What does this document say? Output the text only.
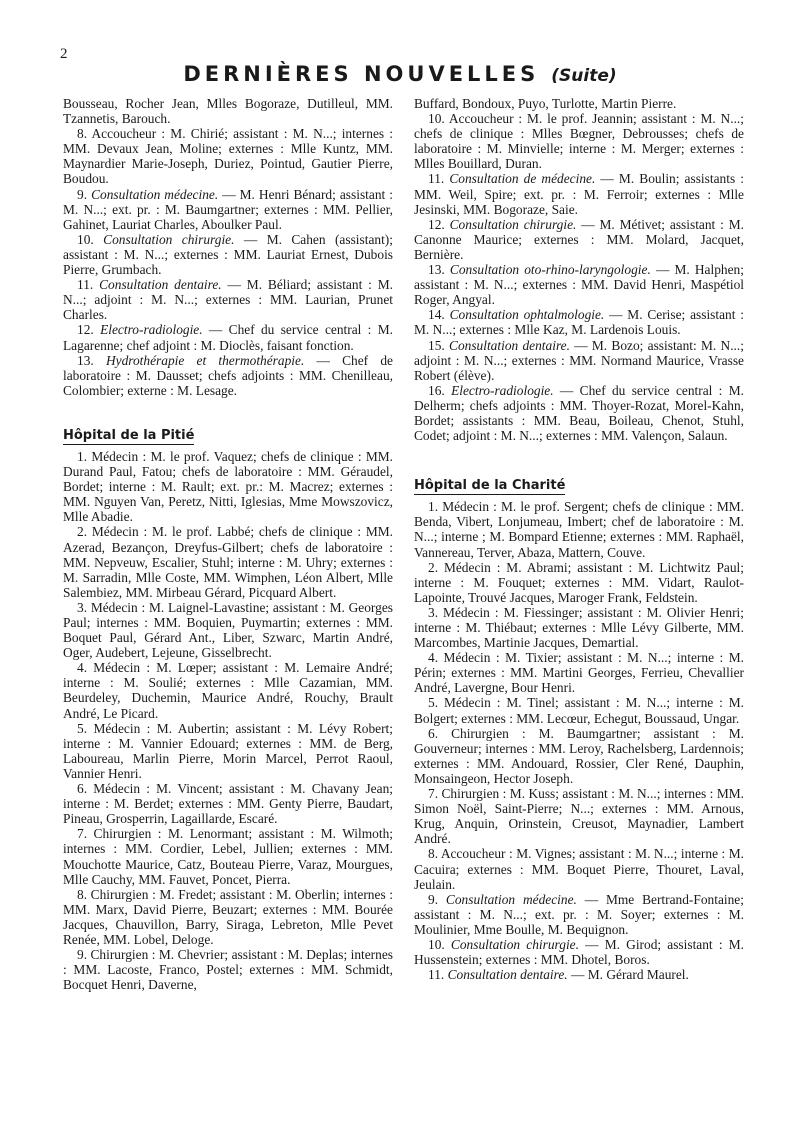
2
DERNIÈRES NOUVELLES (Suite)

Bousseau, Rocher Jean, Mlles Bogoraze, Dutilleul, MM. Tzannetis, Barouch.

8. Accoucheur : M. Chirié; assistant : M. N...; internes : MM. Devaux Jean, Moline; externes : Mlle Kuntz, MM. Maynardier Marie-Joseph, Duriez, Pointud, Gautier Pierre, Boudou.

9. Consultation médecine. — M. Henri Bénard; assistant : M. N...; ext. pr. : M. Baumgartner; externes : MM. Pellier, Gahinet, Lauriat Charles, Aboulker Paul.

10. Consultation chirurgie. — M. Cahen (assistant); assistant : M. N...; externes : MM. Lauriat Ernest, Dubois Pierre, Grumbach.

11. Consultation dentaire. — M. Béliard; assistant : M. N...; adjoint : M. N...; externes : MM. Laurian, Prunet Charles.

12. Electro-radiologie. — Chef du service central : M. Lagarenne; chef adjoint : M. Dioclès, faisant fonction.

13. Hydrothérapie et thermothérapie. — Chef de laboratoire : M. Dausset; chefs adjoints : MM. Chenilleau, Colombier; externe : M. Lesage.

Hôpital de la Pitié

1. Médecin : M. le prof. Vaquez; chefs de clinique : MM. Durand Paul, Fatou; chefs de laboratoire : MM. Géraudel, Bordet; interne : M. Rault; ext. pr.: M. Macrez; externes : MM. Nguyen Van, Peretz, Nitti, Iglesias, Mme Mowszovicz, Mlle Abadie.

2. Médecin : M. le prof. Labbé; chefs de clinique : MM. Azerad, Bezançon, Dreyfus-Gilbert; chefs de laboratoire : MM. Nepveuw, Escalier, Stuhl; interne : M. Uhry; externes : M. Sarradin, Mlle Coste, MM. Wimphen, Léon Albert, Mlle Salembiez, MM. Mirbeau Gérard, Picquard Albert.

3. Médecin : M. Laignel-Lavastine; assistant : M. Georges Paul; internes : MM. Boquien, Puymartin; externes : MM. Boquet Paul, Gérard Ant., Liber, Szwarc, Martin André, Oger, Audebert, Lejeune, Gisselbrecht.

4. Médecin : M. Lœper; assistant : M. Lemaire André; interne : M. Soulié; externes : Mlle Cazamian, MM. Beurdeley, Duchemin, Maurice André, Rouchy, Brault André, Le Picard.

5. Médecin : M. Aubertin; assistant : M. Lévy Robert; interne : M. Vannier Edouard; externes : MM. de Berg, Laboureau, Marlin Pierre, Morin Marcel, Perrot Raoul, Vannier Henri.

6. Médecin : M. Vincent; assistant : M. Chavany Jean; interne : M. Berdet; externes : MM. Genty Pierre, Baudart, Pineau, Grosperrin, Lagaillarde, Escaré.

7. Chirurgien : M. Lenormant; assistant : M. Wilmoth; internes : MM. Cordier, Lebel, Jullien; externes : MM. Mouchotte Maurice, Catz, Bouteau Pierre, Varaz, Mourgues, Mlle Cauchy, MM. Fauvet, Poncet, Pierra.

8. Chirurgien : M. Fredet; assistant : M. Oberlin; internes : MM. Marx, David Pierre, Beuzart; externes : MM. Bourée Jacques, Chauvillon, Barry, Siraga, Lebreton, Mlle Pevet Renée, MM. Lobel, Deloge.

9. Chirurgien : M. Chevrier; assistant : M. Deplas; internes : MM. Lacoste, Franco, Postel; externes : MM. Schmidt, Bocquet Henri, Daverne,

Buffard, Bondoux, Puyo, Turlotte, Martin Pierre.

10. Accoucheur : M. le prof. Jeannin; assistant : M. N...; chefs de clinique : Mlles Bœgner, Debrousses; chefs de laboratoire : M. Minvielle; interne : M. Merger; externes : Mlles Bouillard, Duran.

11. Consultation de médecine. — M. Boulin; assistants : MM. Weil, Spire; ext. pr. : M. Ferroir; externes : Mlle Jesinski, MM. Bogoraze, Saie.

12. Consultation chirurgie. — M. Métivet; assistant : M. Canonne Maurice; externes : MM. Molard, Jacquet, Bernière.

13. Consultation oto-rhino-laryngologie. — M. Halphen; assistant : M. N...; externes : MM. David Henri, Maspétiol Roger, Angyal.

14. Consultation ophtalmologie. — M. Cerise; assistant : M. N...; externes : Mlle Kaz, M. Lardenois Louis.

15. Consultation dentaire. — M. Bozo; assistant: M. N...; adjoint : M. N...; externes : MM. Normand Maurice, Vrasse Robert (élève).

16. Electro-radiologie. — Chef du service central : M. Delherm; chefs adjoints : MM. Thoyer-Rozat, Morel-Kahn, Bordet; assistants : MM. Beau, Boileau, Chenot, Stuhl, Codet; adjoint : M. N...; externes : MM. Valençon, Salaun.

Hôpital de la Charité

1. Médecin : M. le prof. Sergent; chefs de clinique : MM. Benda, Vibert, Lonjumeau, Imbert; chef de laboratoire : M. N...; interne ; M. Bompard Etienne; externes : MM. Raphaël, Vannereau, Terver, Abaza, Mattern, Couve.

2. Médecin : M. Abrami; assistant : M. Lichtwitz Paul; interne : M. Fouquet; externes : MM. Vidart, Raulot-Lapointe, Trouvé Jacques, Maroger Frank, Feldstein.

3. Médecin : M. Fiessinger; assistant : M. Olivier Henri; interne : M. Thiébaut; externes : Mlle Lévy Gilberte, MM. Marcombes, Martinie Jacques, Demartial.

4. Médecin : M. Tixier; assistant : M. N...; interne : M. Périn; externes : MM. Martini Georges, Ferrieu, Chevallier André, Lavergne, Bour Henri.

5. Médecin : M. Tinel; assistant : M. N...; interne : M. Bolgert; externes : MM. Lecœur, Echegut, Boussaud, Ungar.

6. Chirurgien : M. Baumgartner; assistant : M. Gouverneur; internes : MM. Leroy, Rachelsberg, Lardennois; externes : MM. Andouard, Rossier, Cler René, Dauphin, Monsaingeon, Hector Joseph.

7. Chirurgien : M. Kuss; assistant : M. N...; internes : MM. Simon Noël, Saint-Pierre; N...; externes : MM. Arnous, Krug, Anquin, Orinstein, Creusot, Maynadier, Lambert André.

8. Accoucheur : M. Vignes; assistant : M. N...; interne : M. Cacuira; externes : MM. Boquet Pierre, Thouret, Laval, Jeulain.

9. Consultation médecine. — Mme Bertrand-Fontaine; assistant : M. N...; ext. pr. : M. Soyer; externes : M. Moulinier, Mme Boulle, M. Bequignon.

10. Consultation chirurgie. — M. Girod; assistant : M. Hussenstein; externes : MM. Dhotel, Boros.

11. Consultation dentaire. — M. Gérard Maurel.
